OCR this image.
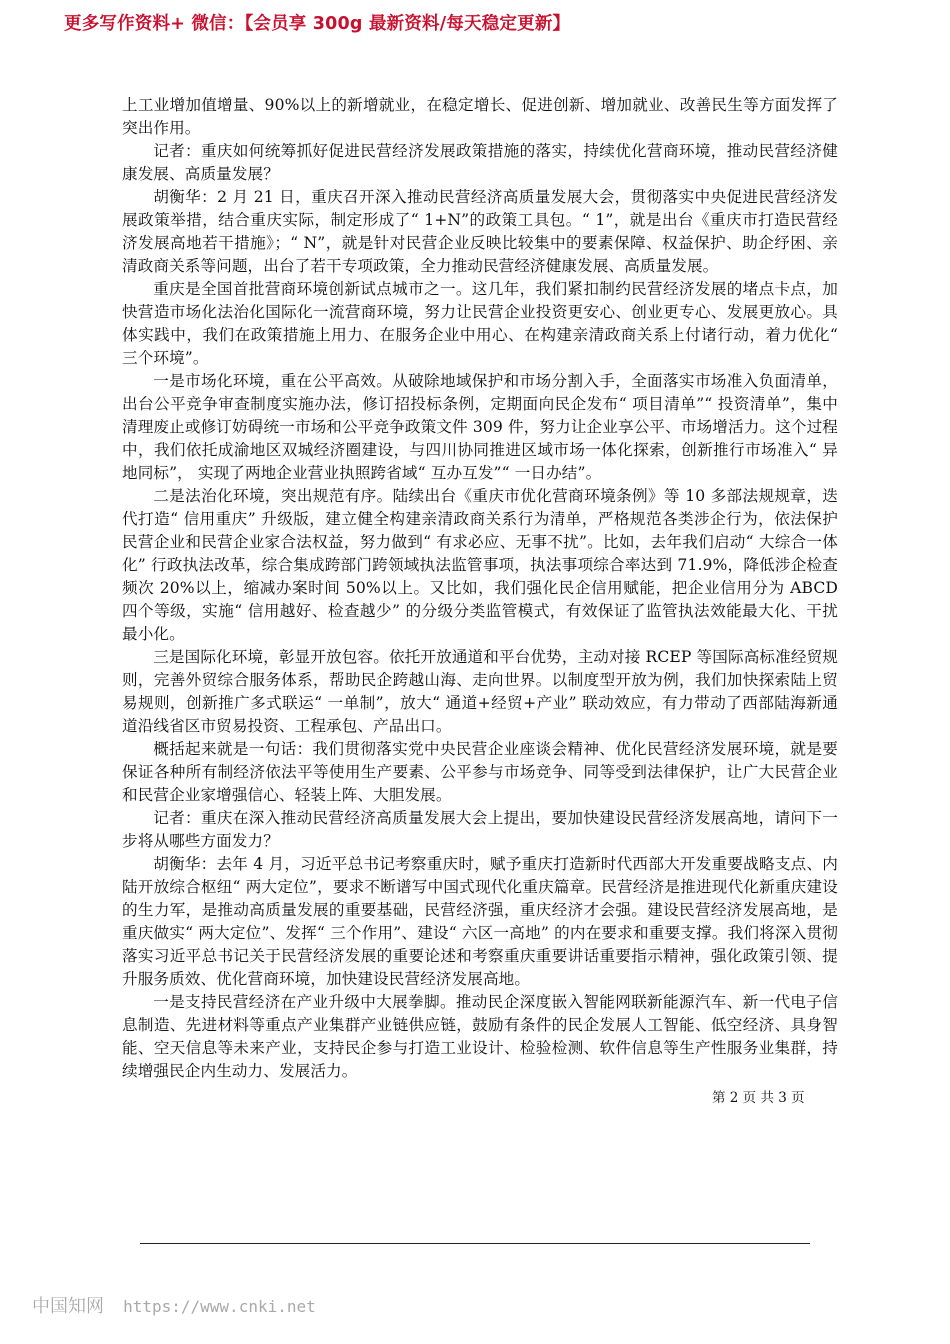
更多写作资料+ 微信：【会员享 300g 最新资料/每天稳定更新】

上工业增加值增量、90%以上的新增就业，在稳定增长、促进创新、增加就业、改善民生等方面发挥了突出作用。

记者：重庆如何统筹抓好促进民营经济发展政策措施的落实，持续优化营商环境，推动民营经济健康发展、高质量发展？

胡衡华：2 月 21 日，重庆召开深入推动民营经济高质量发展大会，贯彻落实中央促进民营经济发展政策举措，结合重庆实际，制定形成了“ 1+N”的政策工具包。“ 1”，就是出台《重庆市打造民营经济发展高地若干措施》；“ N”，就是针对民营企业反映比较集中的要素保障、权益保护、助企纾困、亲清政商关系等问题，出台了若干专项政策，全力推动民营经济健康发展、高质量发展。

重庆是全国首批营商环境创新试点城市之一。这几年，我们紧扣制约民营经济发展的堵点卡点，加快营造市场化法治化国际化一流营商环境，努力让民营企业投资更安心、创业更专心、发展更放心。具体实践中，我们在政策措施上用力、在服务企业中用心、在构建亲清政商关系上付诸行动，着力优化“ 三个环境”。

一是市场化环境，重在公平高效。从破除地域保护和市场分割入手，全面落实市场准入负面清单，出台公平竞争审查制度实施办法，修订招投标条例，定期面向民企发布“ 项目清单”“ 投资清单”，集中清理废止或修订妨碍统一市场和公平竞争政策文件 309 件，努力让企业享公平、市场增活力。这个过程中，我们依托成渝地区双城经济圈建设，与四川协同推进区域市场一体化探索，创新推行市场准入“ 异地同标”， 实现了两地企业营业执照跨省域“ 互办互发”“ 一日办结”。

二是法治化环境，突出规范有序。陆续出台《重庆市优化营商环境条例》等 10 多部法规规章，迭代打造“ 信用重庆” 升级版，建立健全构建亲清政商关系行为清单，严格规范各类涉企行为，依法保护民营企业和民营企业家合法权益，努力做到“ 有求必应、无事不扰”。比如，去年我们启动“ 大综合一体化” 行政执法改革，综合集成跨部门跨领域执法监管事项，执法事项综合率达到 71.9%，降低涉企检查频次 20%以上，缩减办案时间 50%以上。又比如，我们强化民企信用赋能，把企业信用分为 ABCD 四个等级，实施“ 信用越好、检查越少” 的分级分类监管模式，有效保证了监管执法效能最大化、干扰最小化。

三是国际化环境，彰显开放包容。依托开放通道和平台优势，主动对接 RCEP 等国际高标准经贸规则，完善外贸综合服务体系，帮助民企跨越山海、走向世界。以制度型开放为例，我们加快探索陆上贸易规则，创新推广多式联运“ 一单制”，放大“ 通道+经贸+产业” 联动效应，有力带动了西部陆海新通道沿线省区市贸易投资、工程承包、产品出口。

概括起来就是一句话：我们贯彻落实党中央民营企业座谈会精神、优化民营经济发展环境，就是要保证各种所有制经济依法平等使用生产要素、公平参与市场竞争、同等受到法律保护，让广大民营企业和民营企业家增强信心、轻装上阵、大胆发展。

记者：重庆在深入推动民营经济高质量发展大会上提出，要加快建设民营经济发展高地，请问下一步将从哪些方面发力？

胡衡华：去年 4 月，习近平总书记考察重庆时，赋予重庆打造新时代西部大开发重要战略支点、内陆开放综合枢纽“ 两大定位”，要求不断谱写中国式现代化重庆篇章。民营经济是推进现代化新重庆建设的生力军，是推动高质量发展的重要基础，民营经济强，重庆经济才会强。建设民营经济发展高地，是重庆做实“ 两大定位”、发挥“ 三个作用”、建设“ 六区一高地” 的内在要求和重要支撑。我们将深入贯彻落实习近平总书记关于民营经济发展的重要论述和考察重庆重要讲话重要指示精神，强化政策引领、提升服务质效、优化营商环境，加快建设民营经济发展高地。

一是支持民营经济在产业升级中大展拳脚。推动民企深度嵌入智能网联新能源汽车、新一代电子信息制造、先进材料等重点产业集群产业链供应链，鼓励有条件的民企发展人工智能、低空经济、具身智能、空天信息等未来产业，支持民企参与打造工业设计、检验检测、软件信息等生产性服务业集群，持续增强民企内生动力、发展活力。

第 2 页 共 3 页
中国知网 https://www.cnki.net
